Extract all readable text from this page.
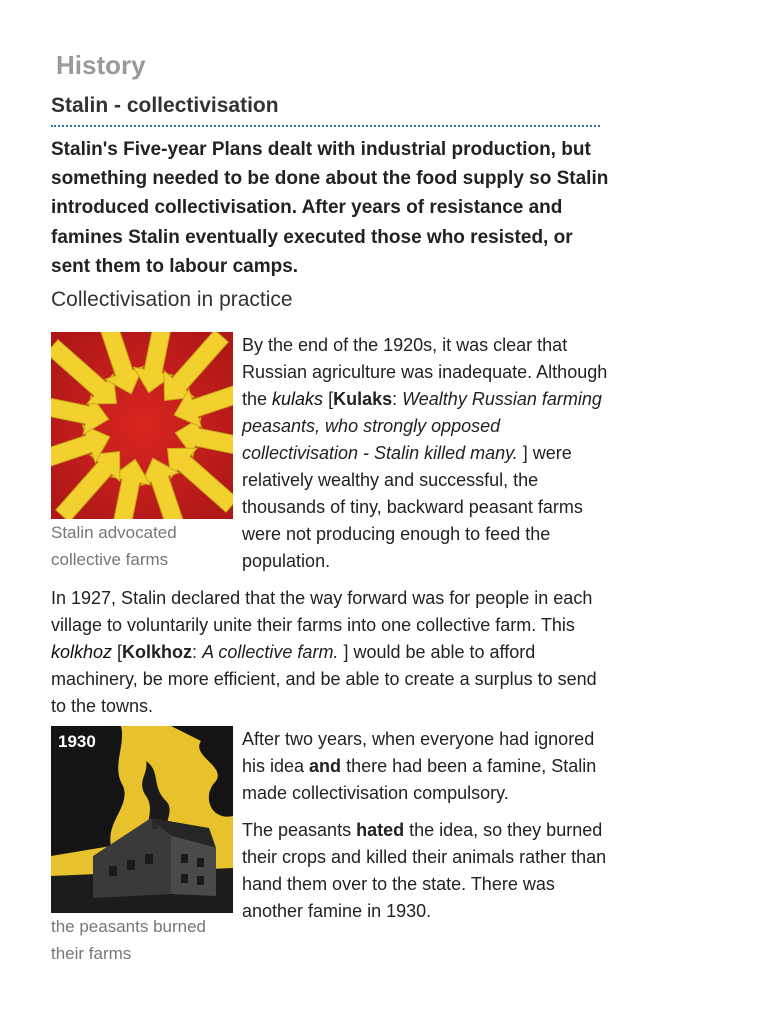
History
Stalin - collectivisation

Stalin's Five-year Plans dealt with industrial production, but something needed to be done about the food supply so Stalin introduced collectivisation. After years of resistance and famines Stalin eventually executed those who resisted, or sent them to labour camps.

Collectivisation in practice
Stalin advocated collective farms

By the end of the 1920s, it was clear that Russian agriculture was inadequate. Although the kulaks [Kulaks: Wealthy Russian farming peasants, who strongly opposed collectivisation - Stalin killed many. ] were relatively wealthy and successful, the thousands of tiny, backward peasant farms were not producing enough to feed the population.

In 1927, Stalin declared that the way forward was for people in each village to voluntarily unite their farms into one collective farm. This kolkhoz [Kolkhoz: A collective farm. ] would be able to afford machinery, be more efficient, and be able to create a surplus to send to the towns.

1930
the peasants burned their farms

After two years, when everyone had ignored his idea and there had been a famine, Stalin made collectivisation compulsory.

The peasants hated the idea, so they burned their crops and killed their animals rather than hand them over to the state. There was another famine in 1930.
